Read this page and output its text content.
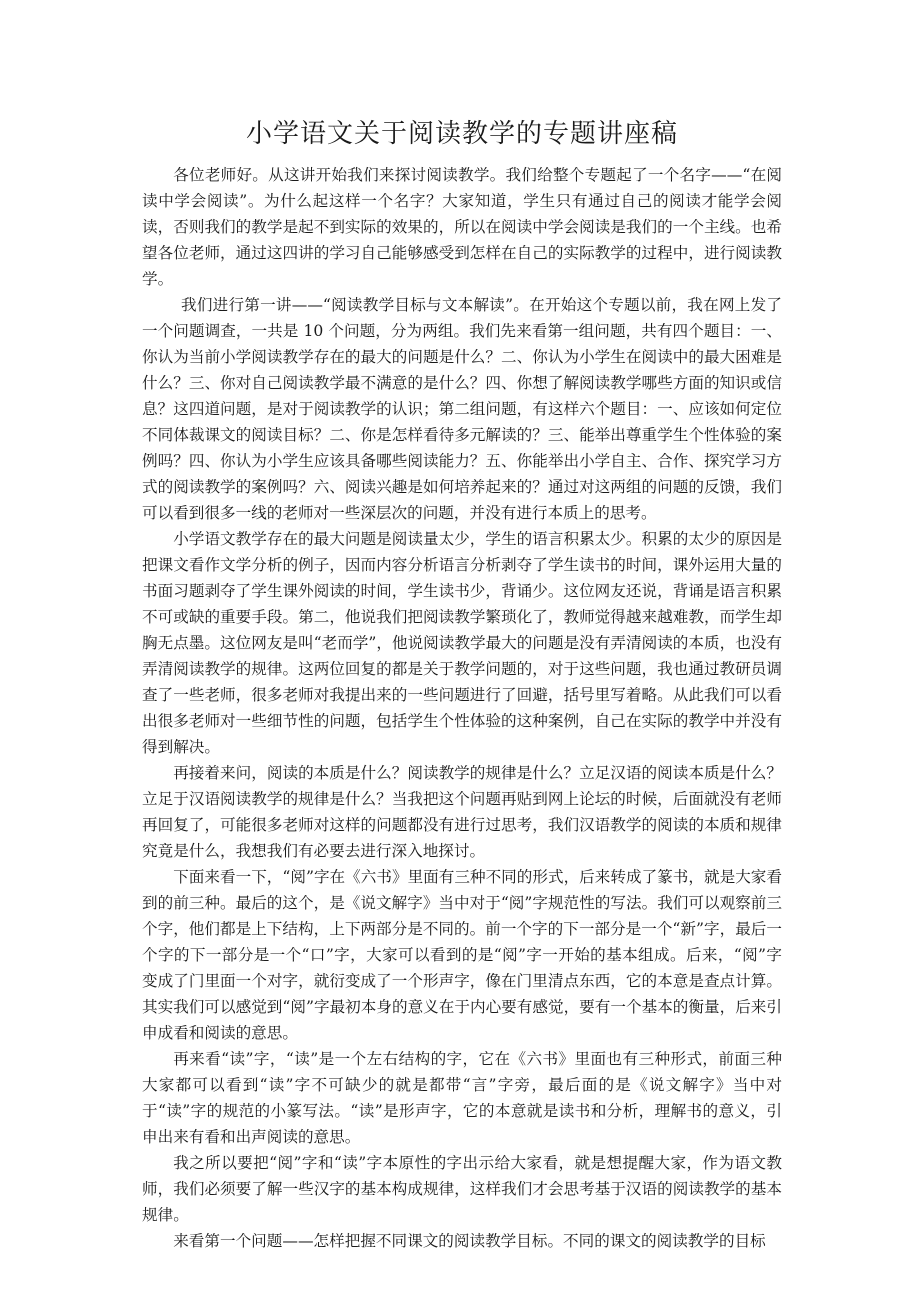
小学语文关于阅读教学的专题讲座稿

各位老师好。从这讲开始我们来探讨阅读教学。我们给整个专题起了一个名字——“在阅读中学会阅读”。为什么起这样一个名字？大家知道，学生只有通过自己的阅读才能学会阅读，否则我们的教学是起不到实际的效果的，所以在阅读中学会阅读是我们的一个主线。也希望各位老师，通过这四讲的学习自己能够感受到怎样在自己的实际教学的过程中，进行阅读教学。

我们进行第一讲——“阅读教学目标与文本解读”。在开始这个专题以前，我在网上发了一个问题调查，一共是 10 个问题，分为两组。我们先来看第一组问题，共有四个题目：一、你认为当前小学阅读教学存在的最大的问题是什么？二、你认为小学生在阅读中的最大困难是什么？三、你对自己阅读教学最不满意的是什么？四、你想了解阅读教学哪些方面的知识或信息？这四道问题，是对于阅读教学的认识；第二组问题，有这样六个题目：一、应该如何定位不同体裁课文的阅读目标？二、你是怎样看待多元解读的？三、能举出尊重学生个性体验的案例吗？四、你认为小学生应该具备哪些阅读能力？五、你能举出小学自主、合作、探究学习方式的阅读教学的案例吗？六、阅读兴趣是如何培养起来的？通过对这两组的问题的反馈，我们可以看到很多一线的老师对一些深层次的问题，并没有进行本质上的思考。

小学语文教学存在的最大问题是阅读量太少，学生的语言积累太少。积累的太少的原因是把课文看作文学分析的例子，因而内容分析语言分析剥夺了学生读书的时间，课外运用大量的书面习题剥夺了学生课外阅读的时间，学生读书少，背诵少。这位网友还说，背诵是语言积累不可或缺的重要手段。第二，他说我们把阅读教学繁琐化了，教师觉得越来越难教，而学生却胸无点墨。这位网友是叫“老而学”，他说阅读教学最大的问题是没有弄清阅读的本质，也没有弄清阅读教学的规律。这两位回复的都是关于教学问题的，对于这些问题，我也通过教研员调查了一些老师，很多老师对我提出来的一些问题进行了回避，括号里写着略。从此我们可以看出很多老师对一些细节性的问题，包括学生个性体验的这种案例，自己在实际的教学中并没有得到解决。

再接着来问，阅读的本质是什么？阅读教学的规律是什么？立足汉语的阅读本质是什么？立足于汉语阅读教学的规律是什么？当我把这个问题再贴到网上论坛的时候，后面就没有老师再回复了，可能很多老师对这样的问题都没有进行过思考，我们汉语教学的阅读的本质和规律究竟是什么，我想我们有必要去进行深入地探讨。

下面来看一下，“阅”字在《六书》里面有三种不同的形式，后来转成了篆书，就是大家看到的前三种。最后的这个，是《说文解字》当中对于“阅”字规范性的写法。我们可以观察前三个字，他们都是上下结构，上下两部分是不同的。前一个字的下一部分是一个“新”字，最后一个字的下一部分是一个“口”字，大家可以看到的是“阅”字一开始的基本组成。后来，“阅”字变成了门里面一个对字，就衍变成了一个形声字，像在门里清点东西，它的本意是查点计算。其实我们可以感觉到“阅”字最初本身的意义在于内心要有感觉，要有一个基本的衡量，后来引申成看和阅读的意思。

再来看“读”字，“读”是一个左右结构的字，它在《六书》里面也有三种形式，前面三种大家都可以看到“读”字不可缺少的就是都带“言”字旁，最后面的是《说文解字》当中对于“读”字的规范的小篆写法。“读”是形声字，它的本意就是读书和分析，理解书的意义，引申出来有看和出声阅读的意思。

我之所以要把“阅”字和“读”字本原性的字出示给大家看，就是想提醒大家，作为语文教师，我们必须要了解一些汉字的基本构成规律，这样我们才会思考基于汉语的阅读教学的基本规律。

来看第一个问题——怎样把握不同课文的阅读教学目标。不同的课文的阅读教学的目标
